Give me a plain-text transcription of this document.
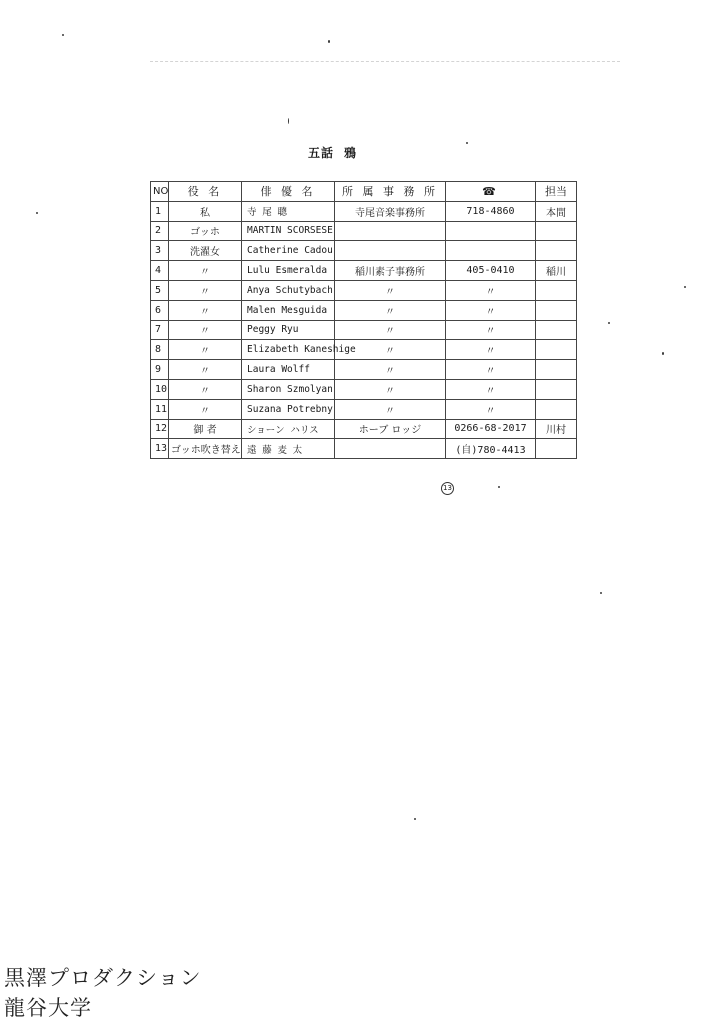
五話 鴉
NO	役 名	俳 優 名	所 属 事 務 所	☎	担当
1	私	寺 尾 聰	寺尾音楽事務所	718-4860	本間
2	ゴッホ	MARTIN SCORSESE			
3	洗濯女	Catherine Cadou			
4	〃	Lulu Esmeralda	稲川素子事務所	405-0410	稲川
5	〃	Anya Schutybach	〃	〃	
6	〃	Malen Mesguida	〃	〃	
7	〃	Peggy Ryu	〃	〃	
8	〃	Elizabeth Kaneshige	〃	〃	
9	〃	Laura Wolff	〃	〃	
10	〃	Sharon Szmolyan	〃	〃	
11	〃	Suzana Potrebny	〃	〃	
12	御 者	ショーン ハリス	ホーブ ロッジ	0266-68-2017	川村
13	ゴッホ吹き替え	遠 藤 麦 太		(自)780-4413	
13
黒澤プロダクション
龍谷大学
